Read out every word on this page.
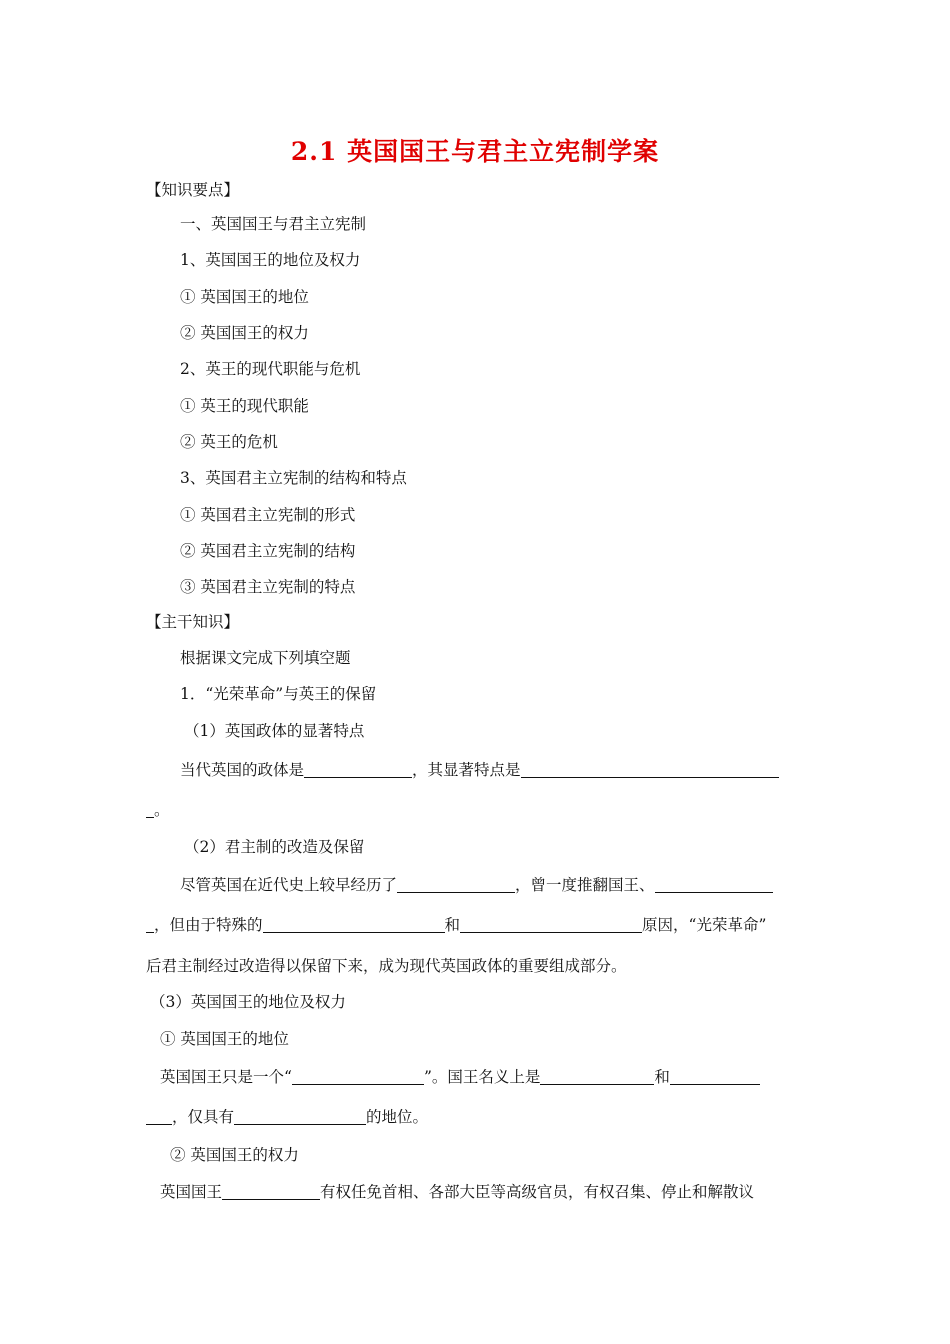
2.1 英国国王与君主立宪制学案
【知识要点】
一、英国国王与君主立宪制
1、英国国王的地位及权力
① 英国国王的地位
② 英国国王的权力
2、英王的现代职能与危机
① 英王的现代职能
② 英王的危机
3、英国君主立宪制的结构和特点
① 英国君主立宪制的形式
② 英国君主立宪制的结构
③ 英国君主立宪制的特点
【主干知识】
根据课文完成下列填空题
1．“光荣革命”与英王的保留
（1）英国政体的显著特点
当代英国的政体是	，其显著特点是
。
（2）君主制的改造及保留
尽管英国在近代史上较早经历了	，曾一度推翻国王、
，但由于特殊的	和	原因，“光荣革命”
后君主制经过改造得以保留下来，成为现代英国政体的重要组成部分。
（3）英国国王的地位及权力
① 英国国王的地位
英国国王只是一个“	”。国王名义上是	和
，仅具有	的地位。
② 英国国王的权力
英国国王	有权任免首相、各部大臣等高级官员，有权召集、停止和解散议
